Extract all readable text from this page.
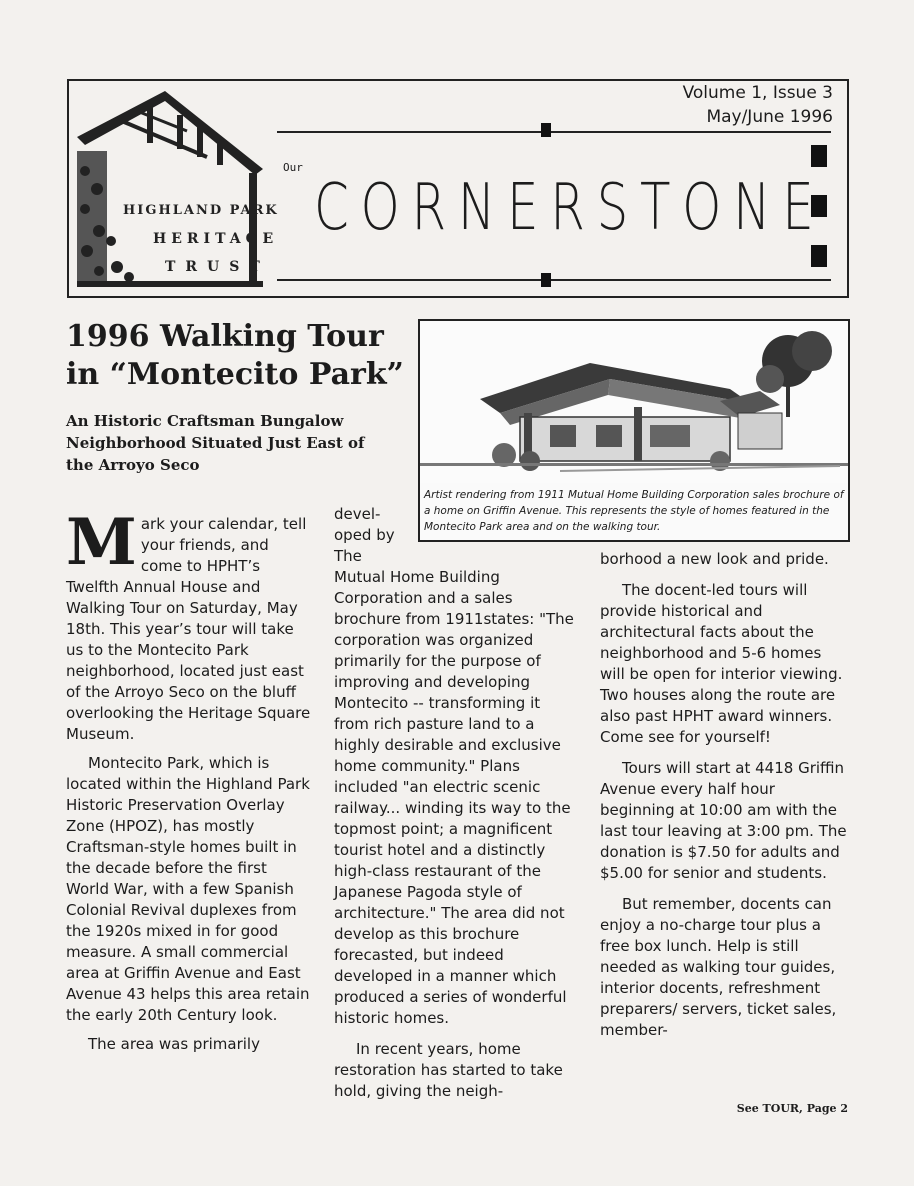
Volume 1, Issue 3
May/June 1996
HIGHLAND PARK
HERITAGE
TRUST
Our
CORNERSTONE
1996 Walking Tour
in “Montecito Park”

An Historic Craftsman Bungalow Neighborhood Situated Just East of the Arroyo Seco

Artist rendering from 1911 Mutual Home Building Corporation sales brochure of a home on Griffin Avenue. This represents the style of homes featured in the Montecito Park area and on the walking tour.

Mark your calendar, tell your friends, and come to HPHT’s Twelfth Annual House and Walking Tour on Saturday, May 18th. This year’s tour will take us to the Montecito Park neighborhood, located just east of the Arroyo Seco on the bluff overlooking the Heritage Square Museum.

Montecito Park, which is located within the Highland Park Historic Preservation Overlay Zone (HPOZ), has mostly Craftsman-style homes built in the decade before the first World War, with a few Spanish Colonial Revival duplexes from the 1920s mixed in for good measure. A small commercial area at Griffin Avenue and East Avenue 43 helps this area retain the early 20th Century look.

The area was primarily

devel-
oped by
The

Mutual Home Building Corporation and a sales brochure from 1911states: "The corporation was organized primarily for the purpose of improving and developing Montecito -- transforming it from rich pasture land to a highly desirable and exclusive home community." Plans included "an electric scenic railway... winding its way to the topmost point; a magnificent tourist hotel and a distinctly high-class restaurant of the Japanese Pagoda style of architecture." The area did not develop as this brochure forecasted, but indeed developed in a manner which produced a series of wonderful historic homes.

In recent years, home restoration has started to take hold, giving the neigh-

borhood a new look and pride.

The docent-led tours will provide historical and architectural facts about the neighborhood and 5-6 homes will be open for interior viewing. Two houses along the route are also past HPHT award winners. Come see for yourself!

Tours will start at 4418 Griffin Avenue every half hour beginning at 10:00 am with the last tour leaving at 3:00 pm. The donation is $7.50 for adults and $5.00 for senior and students.

But remember, docents can enjoy a no-charge tour plus a free box lunch. Help is still needed as walking tour guides, interior docents, refreshment preparers/ servers, ticket sales, member-

See TOUR, Page 2
